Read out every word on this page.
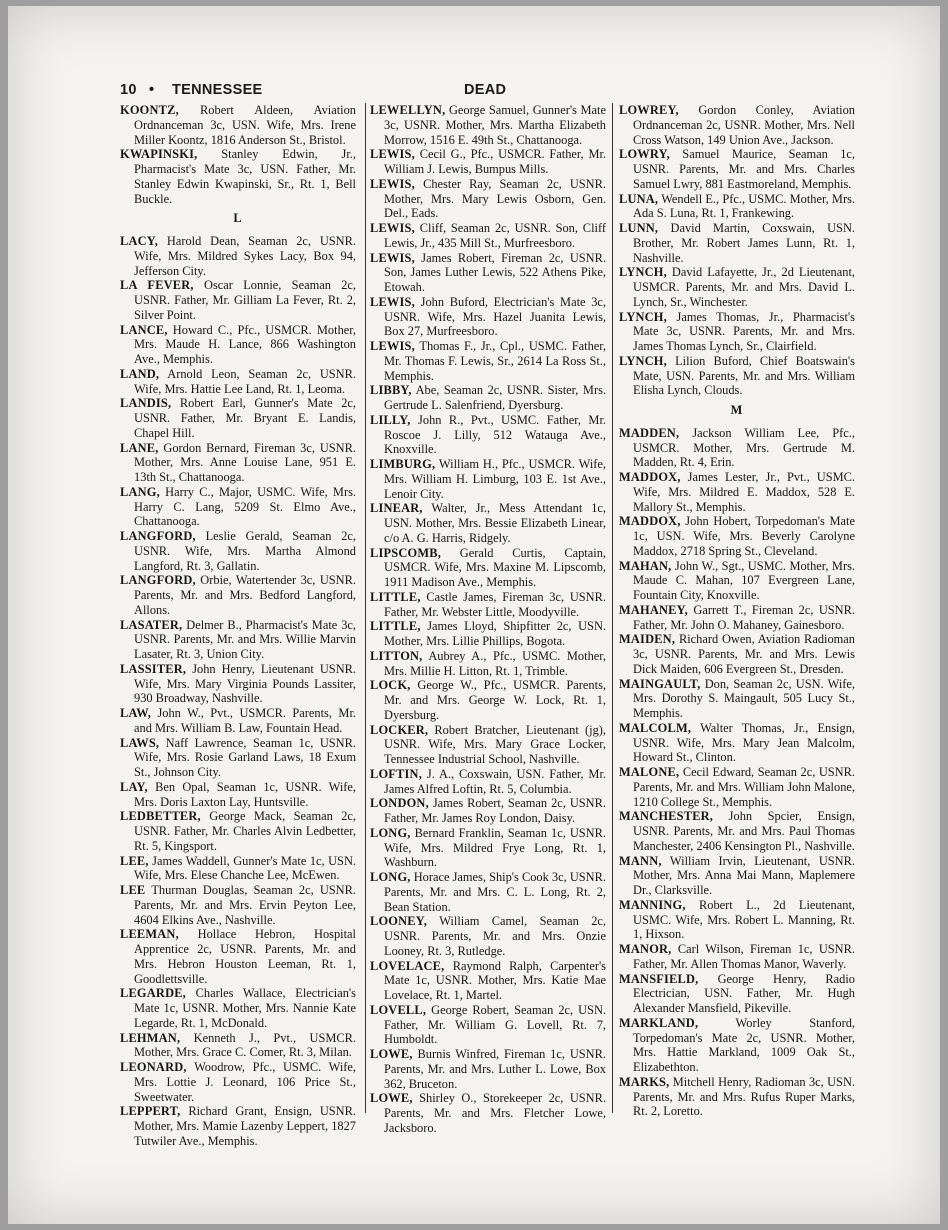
10 • TENNESSEE	DEAD

KOONTZ, Robert Aldeen, Aviation Ordnanceman 3c, USN. Wife, Mrs. Irene Miller Koontz, 1816 Anderson St., Bristol.

KWAPINSKI, Stanley Edwin, Jr., Pharmacist's Mate 3c, USN. Father, Mr. Stanley Edwin Kwapinski, Sr., Rt. 1, Bell Buckle.

L

LACY, Harold Dean, Seaman 2c, USNR. Wife, Mrs. Mildred Sykes Lacy, Box 94, Jefferson City.

LA FEVER, Oscar Lonnie, Seaman 2c, USNR. Father, Mr. Gilliam La Fever, Rt. 2, Silver Point.

LANCE, Howard C., Pfc., USMCR. Mother, Mrs. Maude H. Lance, 866 Washington Ave., Memphis.

LAND, Arnold Leon, Seaman 2c, USNR. Wife, Mrs. Hattie Lee Land, Rt. 1, Leoma.

LANDIS, Robert Earl, Gunner's Mate 2c, USNR. Father, Mr. Bryant E. Landis, Chapel Hill.

LANE, Gordon Bernard, Fireman 3c, USNR. Mother, Mrs. Anne Louise Lane, 951 E. 13th St., Chattanooga.

LANG, Harry C., Major, USMC. Wife, Mrs. Harry C. Lang, 5209 St. Elmo Ave., Chattanooga.

LANGFORD, Leslie Gerald, Seaman 2c, USNR. Wife, Mrs. Martha Almond Langford, Rt. 3, Gallatin.

LANGFORD, Orbie, Watertender 3c, USNR. Parents, Mr. and Mrs. Bedford Langford, Allons.

LASATER, Delmer B., Pharmacist's Mate 3c, USNR. Parents, Mr. and Mrs. Willie Marvin Lasater, Rt. 3, Union City.

LASSITER, John Henry, Lieutenant USNR. Wife, Mrs. Mary Virginia Pounds Lassiter, 930 Broadway, Nashville.

LAW, John W., Pvt., USMCR. Parents, Mr. and Mrs. William B. Law, Fountain Head.

LAWS, Naff Lawrence, Seaman 1c, USNR. Wife, Mrs. Rosie Garland Laws, 18 Exum St., Johnson City.

LAY, Ben Opal, Seaman 1c, USNR. Wife, Mrs. Doris Laxton Lay, Huntsville.

LEDBETTER, George Mack, Seaman 2c, USNR. Father, Mr. Charles Alvin Ledbetter, Rt. 5, Kingsport.

LEE, James Waddell, Gunner's Mate 1c, USN. Wife, Mrs. Elese Chanche Lee, McEwen.

LEE Thurman Douglas, Seaman 2c, USNR. Parents, Mr. and Mrs. Ervin Peyton Lee, 4604 Elkins Ave., Nashville.

LEEMAN, Hollace Hebron, Hospital Apprentice 2c, USNR. Parents, Mr. and Mrs. Hebron Houston Leeman, Rt. 1, Goodlettsville.

LEGARDE, Charles Wallace, Electrician's Mate 1c, USNR. Mother, Mrs. Nannie Kate Legarde, Rt. 1, McDonald.

LEHMAN, Kenneth J., Pvt., USMCR. Mother, Mrs. Grace C. Comer, Rt. 3, Milan.

LEONARD, Woodrow, Pfc., USMC. Wife, Mrs. Lottie J. Leonard, 106 Price St., Sweetwater.

LEPPERT, Richard Grant, Ensign, USNR. Mother, Mrs. Mamie Lazenby Leppert, 1827 Tutwiler Ave., Memphis.

LEWELLYN, George Samuel, Gunner's Mate 3c, USNR. Mother, Mrs. Martha Elizabeth Morrow, 1516 E. 49th St., Chattanooga.

LEWIS, Cecil G., Pfc., USMCR. Father, Mr. William J. Lewis, Bumpus Mills.

LEWIS, Chester Ray, Seaman 2c, USNR. Mother, Mrs. Mary Lewis Osborn, Gen. Del., Eads.

LEWIS, Cliff, Seaman 2c, USNR. Son, Cliff Lewis, Jr., 435 Mill St., Murfreesboro.

LEWIS, James Robert, Fireman 2c, USNR. Son, James Luther Lewis, 522 Athens Pike, Etowah.

LEWIS, John Buford, Electrician's Mate 3c, USNR. Wife, Mrs. Hazel Juanita Lewis, Box 27, Murfreesboro.

LEWIS, Thomas F., Jr., Cpl., USMC. Father, Mr. Thomas F. Lewis, Sr., 2614 La Ross St., Memphis.

LIBBY, Abe, Seaman 2c, USNR. Sister, Mrs. Gertrude L. Salenfriend, Dyersburg.

LILLY, John R., Pvt., USMC. Father, Mr. Roscoe J. Lilly, 512 Watauga Ave., Knoxville.

LIMBURG, William H., Pfc., USMCR. Wife, Mrs. William H. Limburg, 103 E. 1st Ave., Lenoir City.

LINEAR, Walter, Jr., Mess Attendant 1c, USN. Mother, Mrs. Bessie Elizabeth Linear, c/o A. G. Harris, Ridgely.

LIPSCOMB, Gerald Curtis, Captain, USMCR. Wife, Mrs. Maxine M. Lipscomb, 1911 Madison Ave., Memphis.

LITTLE, Castle James, Fireman 3c, USNR. Father, Mr. Webster Little, Moodyville.

LITTLE, James Lloyd, Shipfitter 2c, USN. Mother, Mrs. Lillie Phillips, Bogota.

LITTON, Aubrey A., Pfc., USMC. Mother, Mrs. Millie H. Litton, Rt. 1, Trimble.

LOCK, George W., Pfc., USMCR. Parents, Mr. and Mrs. George W. Lock, Rt. 1, Dyersburg.

LOCKER, Robert Bratcher, Lieutenant (jg), USNR. Wife, Mrs. Mary Grace Locker, Tennessee Industrial School, Nashville.

LOFTIN, J. A., Coxswain, USN. Father, Mr. James Alfred Loftin, Rt. 5, Columbia.

LONDON, James Robert, Seaman 2c, USNR. Father, Mr. James Roy London, Daisy.

LONG, Bernard Franklin, Seaman 1c, USNR. Wife, Mrs. Mildred Frye Long, Rt. 1, Washburn.

LONG, Horace James, Ship's Cook 3c, USNR. Parents, Mr. and Mrs. C. L. Long, Rt. 2, Bean Station.

LOONEY, William Camel, Seaman 2c, USNR. Parents, Mr. and Mrs. Onzie Looney, Rt. 3, Rutledge.

LOVELACE, Raymond Ralph, Carpenter's Mate 1c, USNR. Mother, Mrs. Katie Mae Lovelace, Rt. 1, Martel.

LOVELL, George Robert, Seaman 2c, USN. Father, Mr. William G. Lovell, Rt. 7, Humboldt.

LOWE, Burnis Winfred, Fireman 1c, USNR. Parents, Mr. and Mrs. Luther L. Lowe, Box 362, Bruceton.

LOWE, Shirley O., Storekeeper 2c, USNR. Parents, Mr. and Mrs. Fletcher Lowe, Jacksboro.

LOWREY, Gordon Conley, Aviation Ordnanceman 2c, USNR. Mother, Mrs. Nell Cross Watson, 149 Union Ave., Jackson.

LOWRY, Samuel Maurice, Seaman 1c, USNR. Parents, Mr. and Mrs. Charles Samuel Lwry, 881 Eastmoreland, Memphis.

LUNA, Wendell E., Pfc., USMC. Mother, Mrs. Ada S. Luna, Rt. 1, Frankewing.

LUNN, David Martin, Coxswain, USN. Brother, Mr. Robert James Lunn, Rt. 1, Nashville.

LYNCH, David Lafayette, Jr., 2d Lieutenant, USMCR. Parents, Mr. and Mrs. David L. Lynch, Sr., Winchester.

LYNCH, James Thomas, Jr., Pharmacist's Mate 3c, USNR. Parents, Mr. and Mrs. James Thomas Lynch, Sr., Clairfield.

LYNCH, Lilion Buford, Chief Boatswain's Mate, USN. Parents, Mr. and Mrs. William Elisha Lynch, Clouds.

M

MADDEN, Jackson William Lee, Pfc., USMCR. Mother, Mrs. Gertrude M. Madden, Rt. 4, Erin.

MADDOX, James Lester, Jr., Pvt., USMC. Wife, Mrs. Mildred E. Maddox, 528 E. Mallory St., Memphis.

MADDOX, John Hobert, Torpedoman's Mate 1c, USN. Wife, Mrs. Beverly Carolyne Maddox, 2718 Spring St., Cleveland.

MAHAN, John W., Sgt., USMC. Mother, Mrs. Maude C. Mahan, 107 Evergreen Lane, Fountain City, Knoxville.

MAHANEY, Garrett T., Fireman 2c, USNR. Father, Mr. John O. Mahaney, Gainesboro.

MAIDEN, Richard Owen, Aviation Radioman 3c, USNR. Parents, Mr. and Mrs. Lewis Dick Maiden, 606 Evergreen St., Dresden.

MAINGAULT, Don, Seaman 2c, USN. Wife, Mrs. Dorothy S. Maingault, 505 Lucy St., Memphis.

MALCOLM, Walter Thomas, Jr., Ensign, USNR. Wife, Mrs. Mary Jean Malcolm, Howard St., Clinton.

MALONE, Cecil Edward, Seaman 2c, USNR. Parents, Mr. and Mrs. William John Malone, 1210 College St., Memphis.

MANCHESTER, John Spcier, Ensign, USNR. Parents, Mr. and Mrs. Paul Thomas Manchester, 2406 Kensington Pl., Nashville.

MANN, William Irvin, Lieutenant, USNR. Mother, Mrs. Anna Mai Mann, Maplemere Dr., Clarksville.

MANNING, Robert L., 2d Lieutenant, USMC. Wife, Mrs. Robert L. Manning, Rt. 1, Hixson.

MANOR, Carl Wilson, Fireman 1c, USNR. Father, Mr. Allen Thomas Manor, Waverly.

MANSFIELD, George Henry, Radio Electrician, USN. Father, Mr. Hugh Alexander Mansfield, Pikeville.

MARKLAND, Worley Stanford, Torpedoman's Mate 2c, USNR. Mother, Mrs. Hattie Markland, 1009 Oak St., Elizabethton.

MARKS, Mitchell Henry, Radioman 3c, USN. Parents, Mr. and Mrs. Rufus Ruper Marks, Rt. 2, Loretto.
